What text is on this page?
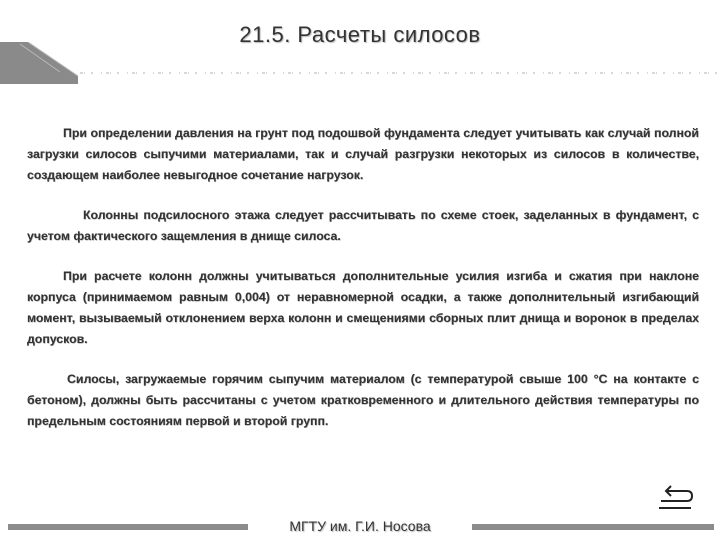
21.5. Расчеты силосов

При определении давления на грунт под подошвой фундамента следует учитывать как случай полной загрузки силосов сыпучими материалами, так и случай разгрузки некоторых из силосов в количестве, создающем наиболее невыгодное сочетание нагрузок.

Колонны подсилосного этажа следует рассчитывать по схеме стоек, заделанных в фундамент, с учетом фактического защемления в днище силоса.

При расчете колонн должны учитываться дополнительные усилия изгиба и сжатия при наклоне корпуса (принимаемом равным 0,004) от неравномерной осадки, а также дополнительный изгибающий момент, вызываемый отклонением верха колонн и смещениями сборных плит днища и воронок в пределах допусков.

Силосы, загружаемые горячим сыпучим материалом (с температурой свыше 100 °С на контакте с бетоном), должны быть рассчитаны с учетом кратковременного и длительного действия температуры по предельным состояниям первой и второй групп.

МГТУ им. Г.И. Носова
